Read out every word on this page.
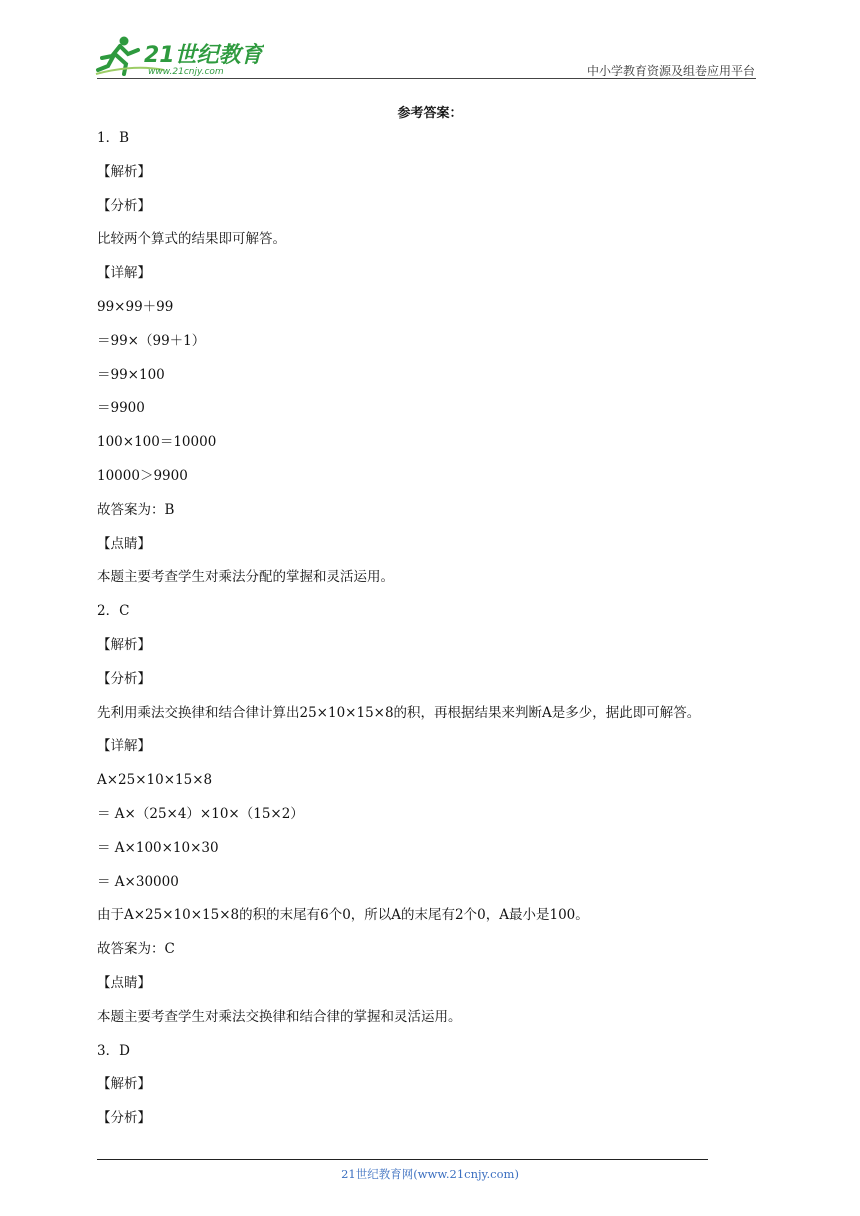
21世纪教育
www.21cnjy.com	中小学教育资源及组卷应用平台
参考答案：
1．B
【解析】
【分析】
比较两个算式的结果即可解答。
【详解】
99×99＋99
＝99×（99＋1）
＝99×100
＝9900
100×100＝10000
10000＞9900
故答案为：B
【点睛】
本题主要考查学生对乘法分配的掌握和灵活运用。
2．C
【解析】
【分析】
先利用乘法交换律和结合律计算出25×10×15×8的积，再根据结果来判断A是多少，据此即可解答。
【详解】
A×25×10×15×8
＝ A×（25×4）×10×（15×2）
＝ A×100×10×30
＝ A×30000
由于A×25×10×15×8的积的末尾有6个0，所以A的末尾有2个0，A最小是100。
故答案为：C
【点睛】
本题主要考查学生对乘法交换律和结合律的掌握和灵活运用。
3．D
【解析】
【分析】
21世纪教育网(www.21cnjy.com)
